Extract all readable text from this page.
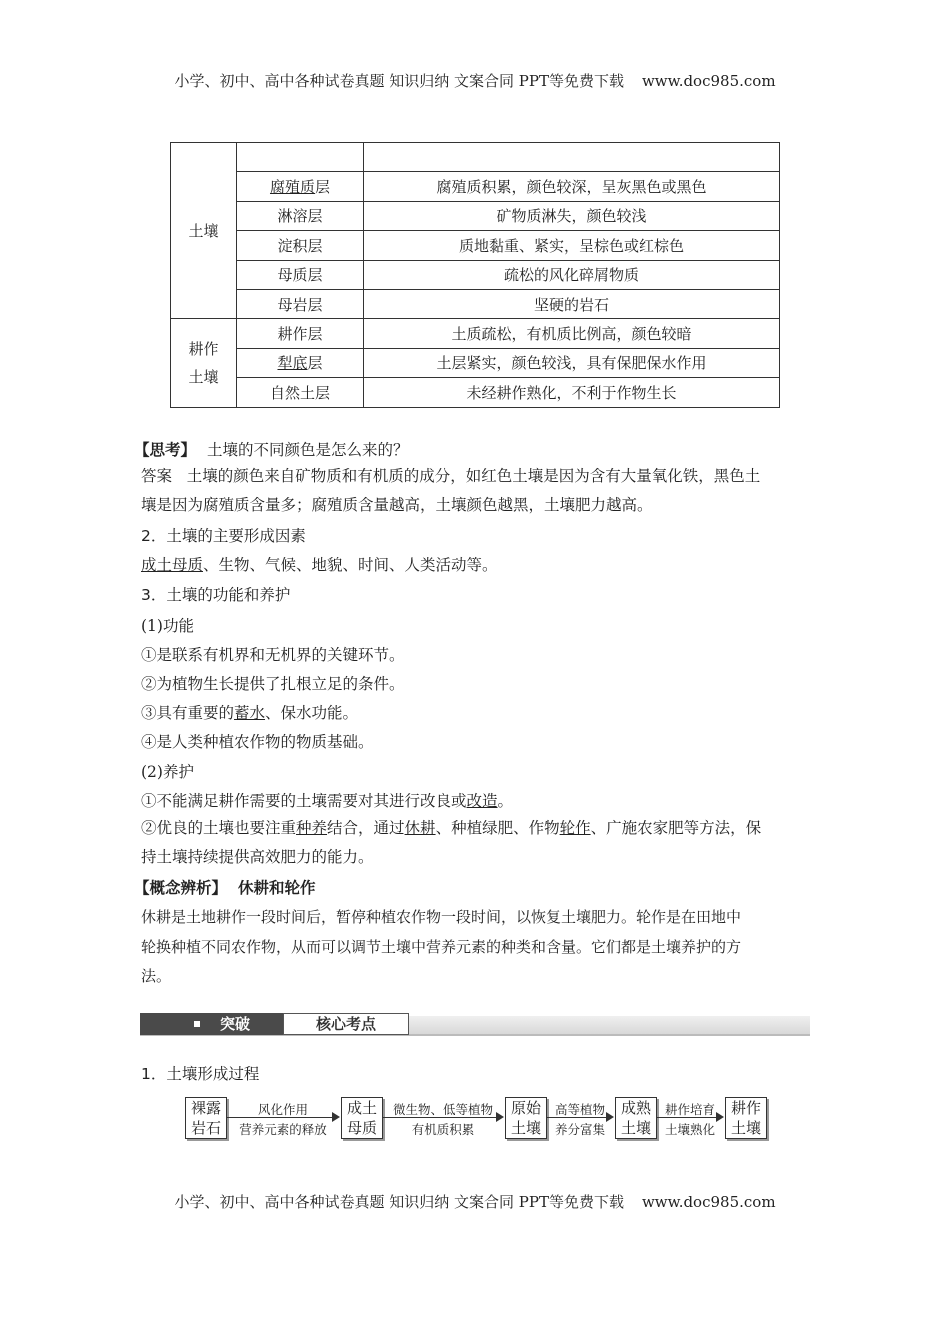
小学、初中、高中各种试卷真题 知识归纳 文案合同 PPT等免费下载 www.doc985.com
土壤		
	腐殖质层	腐殖质积累，颜色较深，呈灰黑色或黑色
	淋溶层	矿物质淋失，颜色较浅
	淀积层	质地黏重、紧实，呈棕色或红棕色
	母质层	疏松的风化碎屑物质
	母岩层	坚硬的岩石
耕作
土壤	耕作层	土质疏松，有机质比例高，颜色较暗
	犁底层	土层紧实，颜色较浅，具有保肥保水作用
	自然土层	未经耕作熟化，不利于作物生长
【思考】 土壤的不同颜色是怎么来的？
答案 土壤的颜色来自矿物质和有机质的成分，如红色土壤是因为含有大量氧化铁，黑色土
壤是因为腐殖质含量多；腐殖质含量越高，土壤颜色越黑，土壤肥力越高。
2．土壤的主要形成因素
成土母质、生物、气候、地貌、时间、人类活动等。
3．土壤的功能和养护
(1)功能
①是联系有机界和无机界的关键环节。
②为植物生长提供了扎根立足的条件。
③具有重要的蓄水、保水功能。
④是人类种植农作物的物质基础。
(2)养护
①不能满足耕作需要的土壤需要对其进行改良或改造。
②优良的土壤也要注重种养结合，通过休耕、种植绿肥、作物轮作、广施农家肥等方法，保
持土壤持续提供高效肥力的能力。
【概念辨析】 休耕和轮作
休耕是土地耕作一段时间后，暂停种植农作物一段时间，以恢复土壤肥力。轮作是在田地中
轮换种植不同农作物，从而可以调节土壤中营养元素的种类和含量。它们都是土壤养护的方
法。
突破	核心考点
1．土壤形成过程
裸露
岩石
风化作用
营养元素的释放
成土
母质
微生物、低等植物
有机质积累
原始
土壤
高等植物
养分富集
成熟
土壤
耕作培育
土壤熟化
耕作
土壤
小学、初中、高中各种试卷真题 知识归纳 文案合同 PPT等免费下载 www.doc985.com
